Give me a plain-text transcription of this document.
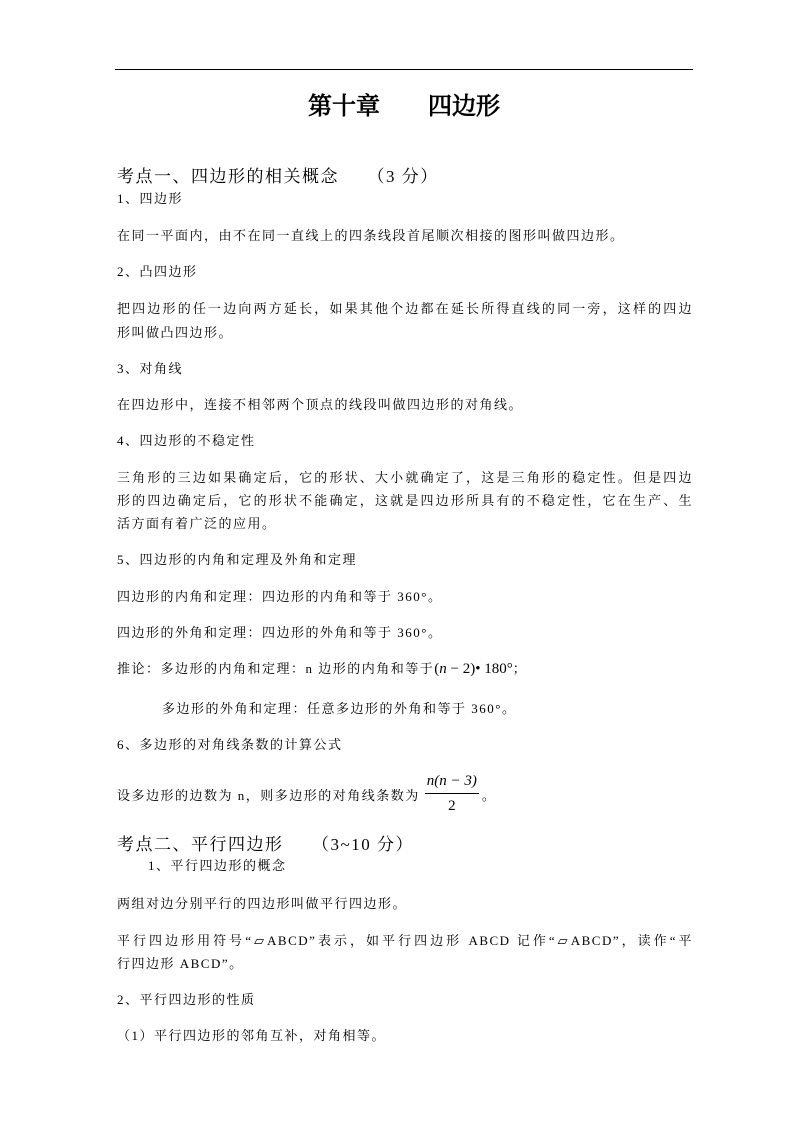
第十章　　四边形
考点一、四边形的相关概念　　（3 分）
1、四边形
在同一平面内，由不在同一直线上的四条线段首尾顺次相接的图形叫做四边形。
2、凸四边形
把四边形的任一边向两方延长，如果其他个边都在延长所得直线的同一旁，这样的四边
形叫做凸四边形。
3、对角线
在四边形中，连接不相邻两个顶点的线段叫做四边形的对角线。
4、四边形的不稳定性
三角形的三边如果确定后，它的形状、大小就确定了，这是三角形的稳定性。但是四边
形的四边确定后，它的形状不能确定，这就是四边形所具有的不稳定性，它在生产、生
活方面有着广泛的应用。
5、四边形的内角和定理及外角和定理
四边形的内角和定理：四边形的内角和等于 360°。
四边形的外角和定理：四边形的外角和等于 360°。
推论：多边形的内角和定理：n 边形的内角和等于(n − 2)• 180°；
多边形的外角和定理：任意多边形的外角和等于 360°。
6、多边形的对角线条数的计算公式
设多边形的边数为 n，则多边形的对角线条数为 $\frac{n(n - 3)}{2}$ 。
考点二、平行四边形　　（3~10 分）
1、平行四边形的概念
两组对边分别平行的四边形叫做平行四边形。
平行四边形用符号“▱ABCD”表示，如平行四边形 ABCD 记作“▱ABCD”，读作“平
行四边形 ABCD”。
2、平行四边形的性质
（1）平行四边形的邻角互补，对角相等。
